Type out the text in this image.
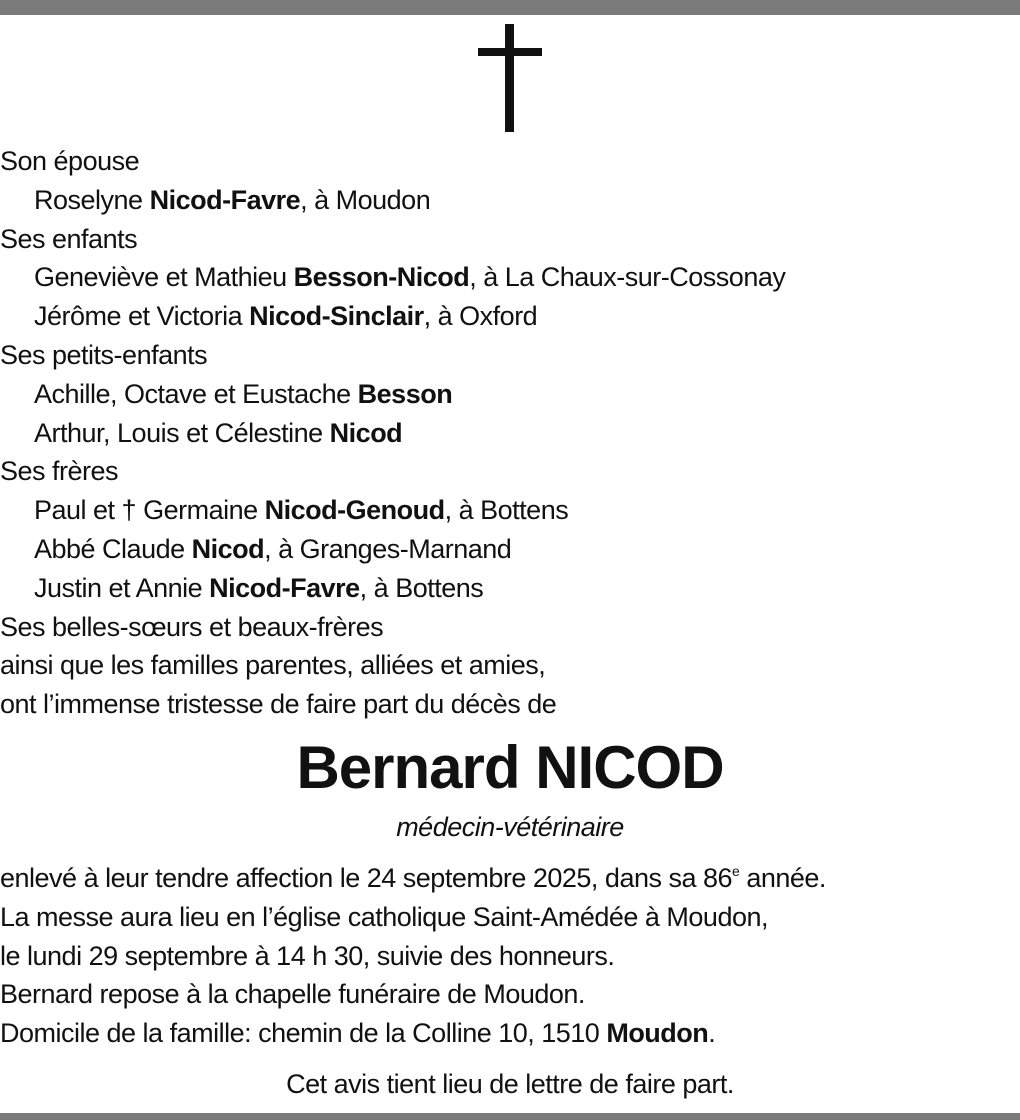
Son épouse
Roselyne Nicod-Favre, à Moudon
Ses enfants
Geneviève et Mathieu Besson-Nicod, à La Chaux-sur-Cossonay
Jérôme et Victoria Nicod-Sinclair, à Oxford
Ses petits-enfants
Achille, Octave et Eustache Besson
Arthur, Louis et Célestine Nicod
Ses frères
Paul et † Germaine Nicod-Genoud, à Bottens
Abbé Claude Nicod, à Granges-Marnand
Justin et Annie Nicod-Favre, à Bottens
Ses belles-sœurs et beaux-frères
ainsi que les familles parentes, alliées et amies,
ont l’immense tristesse de faire part du décès de
Bernard NICOD
médecin-vétérinaire
enlevé à leur tendre affection le 24 septembre 2025, dans sa 86e année.
La messe aura lieu en l’église catholique Saint-Amédée à Moudon,
le lundi 29 septembre à 14 h 30, suivie des honneurs.
Bernard repose à la chapelle funéraire de Moudon.
Domicile de la famille: chemin de la Colline 10, 1510 Moudon.
Cet avis tient lieu de lettre de faire part.
